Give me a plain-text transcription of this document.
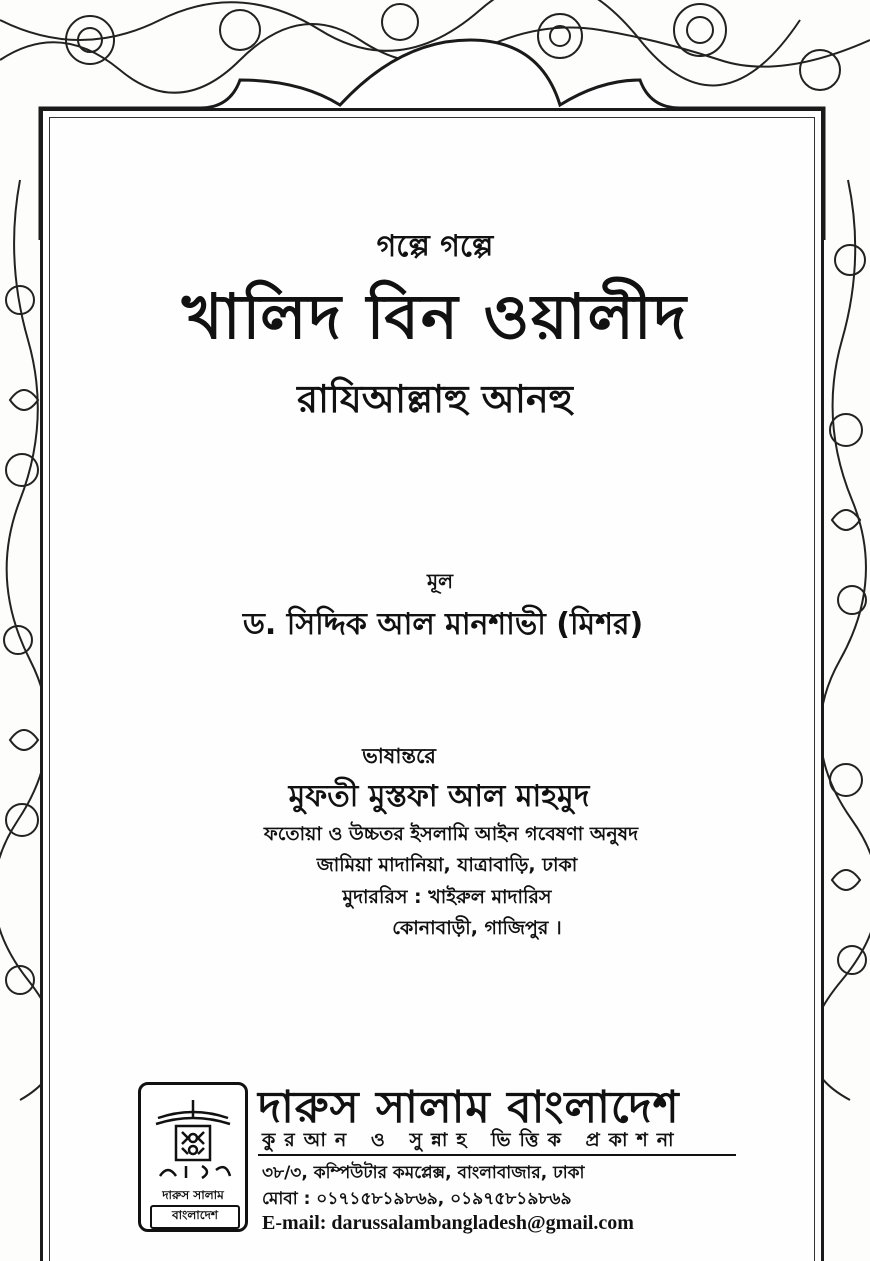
গল্পে গল্পে
খালিদ বিন ওয়ালীদ
রাযিআল্লাহু আনহু
মূল
ড. সিদ্দিক আল মানশাভী (মিশর)
ভাষান্তরে
মুফতী মুস্তফা আল মাহমুদ
ফতোয়া ও উচ্চতর ইসলামি আইন গবেষণা অনুষদ
জামিয়া মাদানিয়া, যাত্রাবাড়ি, ঢাকা
মুদাররিস : খাইরুল মাদারিস
কোনাবাড়ী, গাজিপুর ।
দারুস সালাম
বাংলাদেশ
দারুস সালাম বাংলাদেশ
কুরআন ও সুন্নাহ ভিত্তিক প্রকাশনা
৩৮/৩, কম্পিউটার কমপ্লেক্স, বাংলাবাজার, ঢাকা
মোবা : ০১৭১৫৮১৯৮৬৯, ০১৯৭৫৮১৯৮৬৯
E-mail: darussalambangladesh@gmail.com
